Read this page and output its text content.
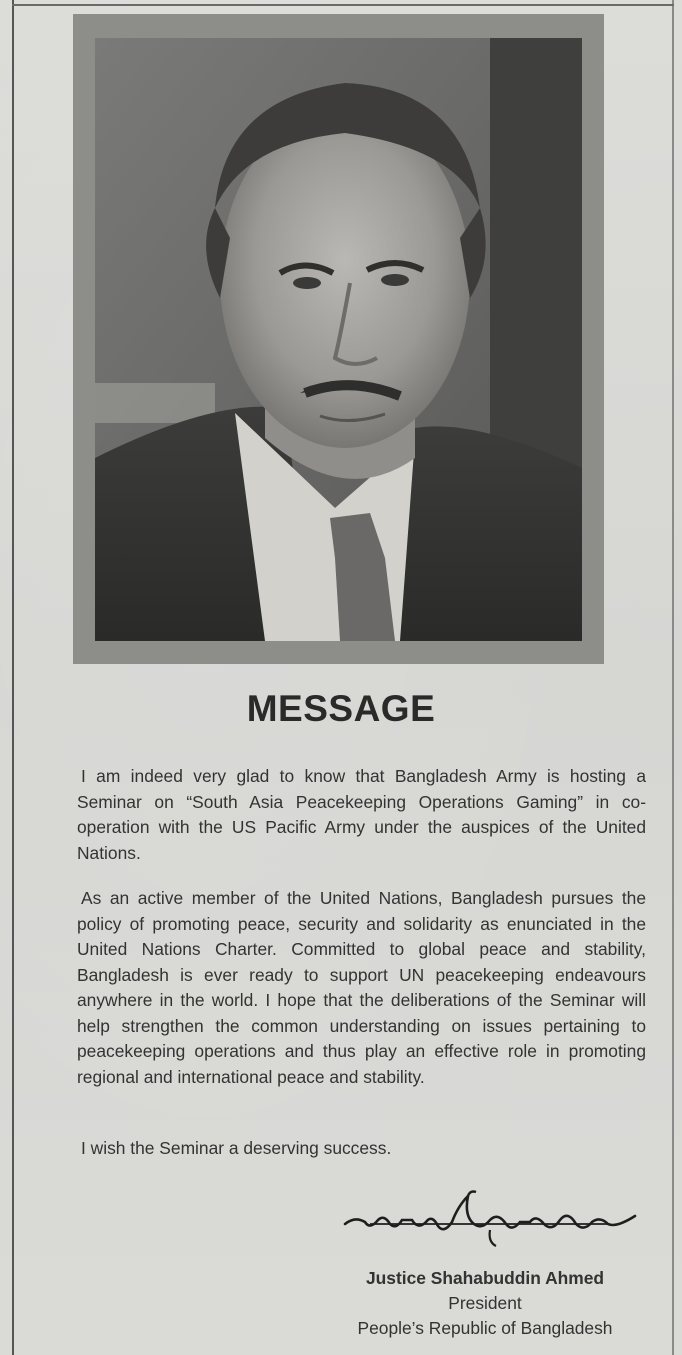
MESSAGE

I am indeed very glad to know that Bangladesh Army is hosting a Seminar on “South Asia Peacekeeping Operations Gaming” in co-operation with the US Pacific Army under the auspices of the United Nations.

As an active member of the United Nations, Bangladesh pursues the policy of promoting peace, security and solidarity as enunciated in the United Nations Charter. Committed to global peace and stability, Bangladesh is ever ready to support UN peacekeeping endeavours anywhere in the world. I hope that the deliberations of the Seminar will help strengthen the common understanding on issues pertaining to peacekeeping operations and thus play an effective role in promoting regional and international peace and stability.

I wish the Seminar a deserving success.

Justice Shahabuddin Ahmed
President
People’s Republic of Bangladesh
